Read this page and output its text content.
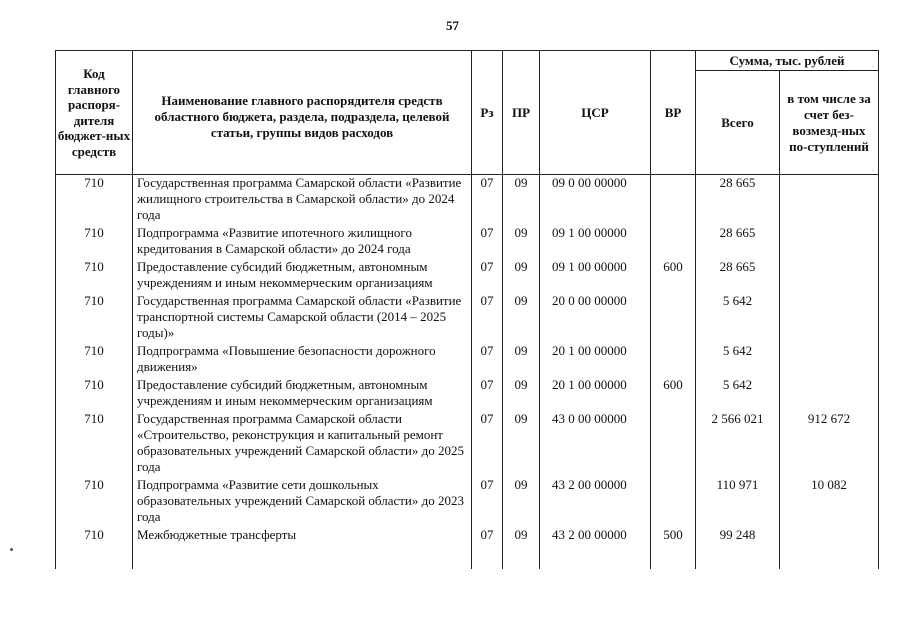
57
Код главного распоря-дителя бюджет-ных средств	Наименование главного распорядителя средств областного бюджета, раздела, подраздела, целевой статьи, группы видов расходов	Рз	ПР	ЦСР	ВР	Сумма, тыс. рублей	
						Всего	в том числе за счет без-возмезд-ных по-ступлений
710	Государственная программа Самарской области «Развитие жилищного строительства в Самарской области» до 2024 года	07	09	09 0 00 00000		28 665	
710	Подпрограмма «Развитие ипотечного жилищного кредитования в Самарской области» до 2024 года	07	09	09 1 00 00000		28 665	
710	Предоставление субсидий бюджетным, автономным учреждениям и иным некоммерческим организациям	07	09	09 1 00 00000	600	28 665	
710	Государственная программа Самарской области «Развитие транспортной системы Самарской области (2014 – 2025 годы)»	07	09	20 0 00 00000		5 642	
710	Подпрограмма «Повышение безопасности дорожного движения»	07	09	20 1 00 00000		5 642	
710	Предоставление субсидий бюджетным, автономным учреждениям и иным некоммерческим организациям	07	09	20 1 00 00000	600	5 642	
710	Государственная программа Самарской области «Строительство, реконструкция и капитальный ремонт образовательных учреждений Самарской области» до 2025 года	07	09	43 0 00 00000		2 566 021	912 672
710	Подпрограмма «Развитие сети дошкольных образовательных учреждений Самарской области» до 2023 года	07	09	43 2 00 00000		110 971	10 082
710	Межбюджетные трансферты	07	09	43 2 00 00000	500	99 248	
